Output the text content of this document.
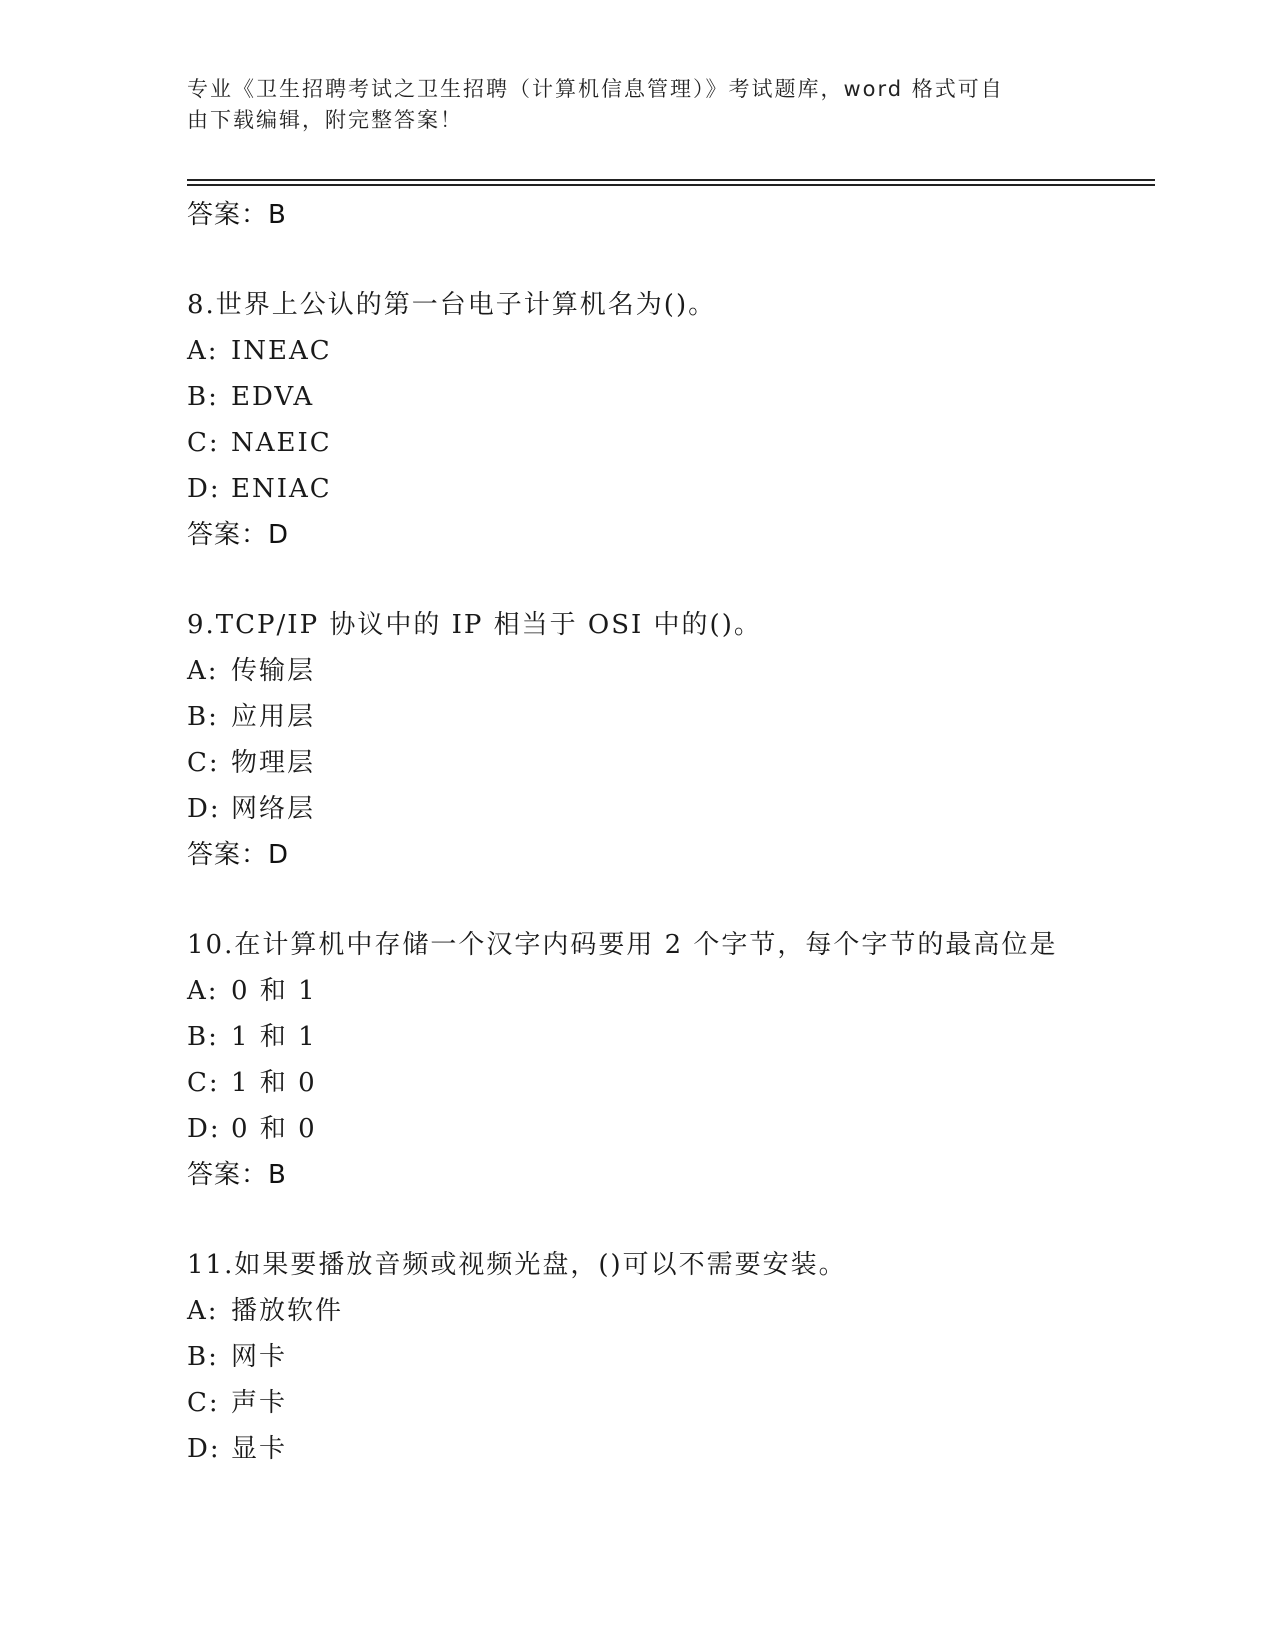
专业《卫生招聘考试之卫生招聘（计算机信息管理）》考试题库，word 格式可自
由下载编辑，附完整答案！
答案：B
8.世界上公认的第一台电子计算机名为()。
A: INEAC
B: EDVA
C: NAEIC
D: ENIAC
答案：D
9.TCP/IP 协议中的 IP 相当于 OSI 中的()。
A: 传输层
B: 应用层
C: 物理层
D: 网络层
答案：D
10.在计算机中存储一个汉字内码要用 2 个字节，每个字节的最高位是
A: 0 和 1
B: 1 和 1
C: 1 和 0
D: 0 和 0
答案：B
11.如果要播放音频或视频光盘，()可以不需要安装。
A: 播放软件
B: 网卡
C: 声卡
D: 显卡
